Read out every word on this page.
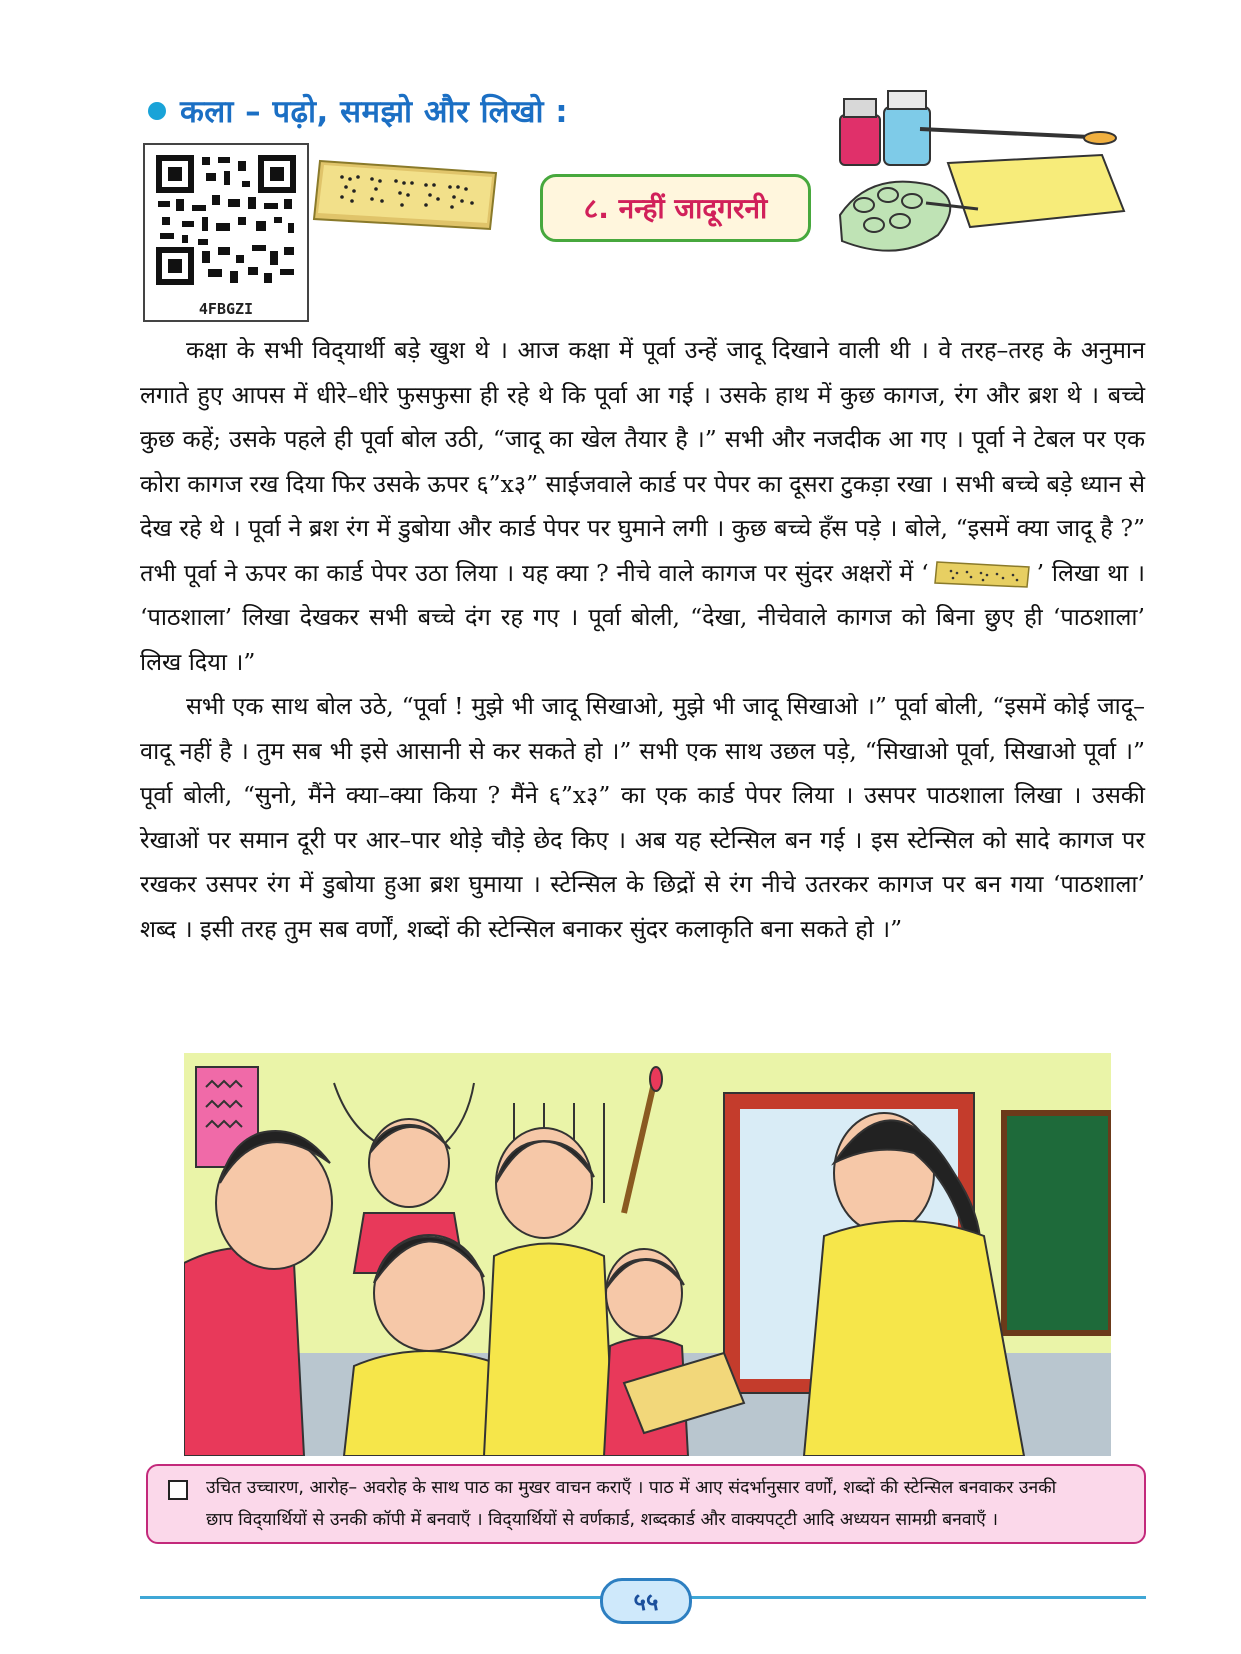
कला – पढ़ो, समझो और लिखो :
4FBGZI
८. नन्हीं जादूगरनी

कक्षा के सभी विद्‌यार्थी बड़े खुश थे । आज कक्षा में पूर्वा उन्हें जादू दिखाने वाली थी । वे तरह–तरह के अनुमान लगाते हुए आपस में धीरे–धीरे फुसफुसा ही रहे थे कि पूर्वा आ गई । उसके हाथ में कुछ कागज, रंग और ब्रश थे । बच्चे कुछ कहें; उसके पहले ही पूर्वा बोल उठी, “जादू का खेल तैयार है ।” सभी और नजदीक आ गए । पूर्वा ने टेबल पर एक कोरा कागज रख दिया फिर उसके ऊपर ६”x३” साईजवाले कार्ड पर पेपर का दूसरा टुकड़ा रखा । सभी बच्चे बड़े ध्यान से देख रहे थे । पूर्वा ने ब्रश रंग में डुबोया और कार्ड पेपर पर घुमाने लगी । कुछ बच्चे हँस पड़े । बोले, “इसमें क्या जादू है ?” तभी पूर्वा ने ऊपर का कार्ड पेपर उठा लिया । यह क्या ? नीचे वाले कागज पर सुंदर अक्षरों में ‘	’ लिखा था । ‘पाठशाला’ लिखा देखकर सभी बच्चे दंग रह गए । पूर्वा बोली, “देखा, नीचेवाले कागज को बिना छुए ही ‘पाठशाला’ लिख दिया ।”

सभी एक साथ बोल उठे, “पूर्वा ! मुझे भी जादू सिखाओ, मुझे भी जादू सिखाओ ।” पूर्वा बोली, “इसमें कोई जादू–वादू नहीं है । तुम सब भी इसे आसानी से कर सकते हो ।” सभी एक साथ उछल पड़े, “सिखाओ पूर्वा, सिखाओ पूर्वा ।” पूर्वा बोली, “सुनो, मैंने क्या–क्या किया ? मैंने ६”x३” का एक कार्ड पेपर लिया । उसपर पाठशाला लिखा । उसकी रेखाओं पर समान दूरी पर आर–पार थोड़े चौड़े छेद किए । अब यह स्टेन्सिल बन गई । इस स्टेन्सिल को सादे कागज पर रखकर उसपर रंग में डुबोया हुआ ब्रश घुमाया । स्टेन्सिल के छिद्रों से रंग नीचे उतरकर कागज पर बन गया ‘पाठशाला’ शब्द । इसी तरह तुम सब वर्णों, शब्दों की स्टेन्सिल बनाकर सुंदर कलाकृति बना सकते हो ।”

उचित उच्चारण, आरोह– अवरोह के साथ पाठ का मुखर वाचन कराएँ । पाठ में आए संदर्भानुसार वर्णों, शब्दों की स्टेन्सिल बनवाकर उनकी
छाप विद्‌यार्थियों से उनकी कॉपी में बनवाएँ । विद्‌यार्थियों से वर्णकार्ड, शब्दकार्ड और वाक्यपट्‌टी आदि अध्ययन सामग्री बनवाएँ ।
५५
